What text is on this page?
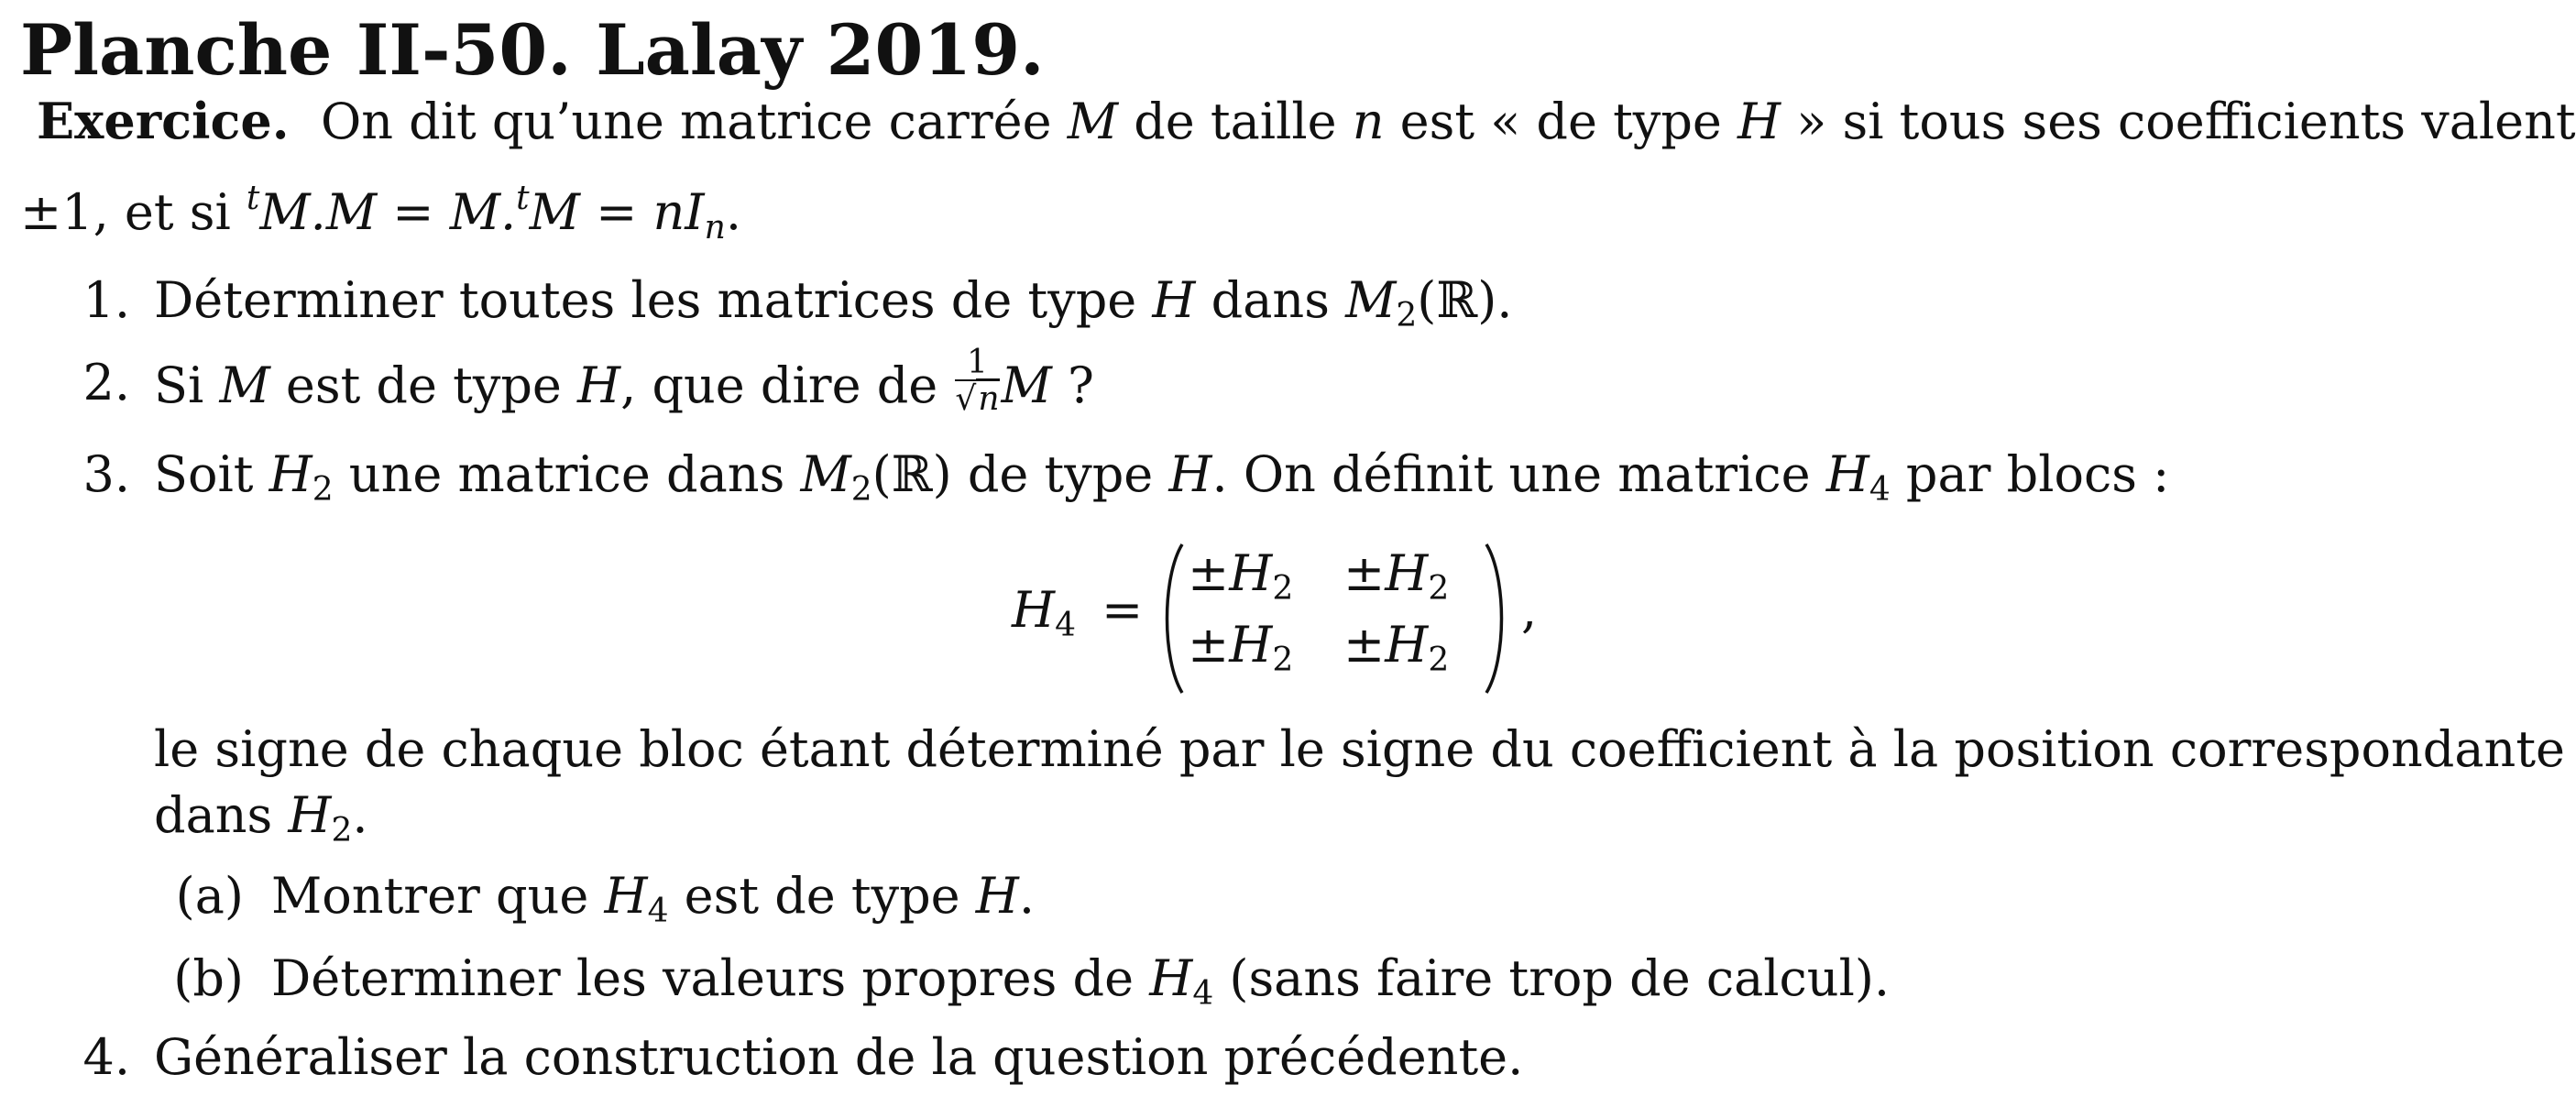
Planche II-50. Lalay 2019.
Exercice. On dit qu’une matrice carrée M de taille n est « de type H » si tous ses coefficients valent
±1, et si $^tM.M = M.^tM = nI_n$.
1. Déterminer toutes les matrices de type H dans $M_2(ℝ)$.
2. Si M est de type H, que dire de $\frac{1}{√n}$ M ?
3. Soit $H_2$ une matrice dans $M_2(ℝ)$ de type H. On définit une matrice $H_4$ par blocs :
$H_4$ =
$\pm H_2 \pm H_2$
$\pm H_2 \pm H_2$
,
le signe de chaque bloc étant déterminé par le signe du coefficient à la position correspondante
dans $H_2$.
(a) Montrer que $H_4$ est de type H.
(b) Déterminer les valeurs propres de $H_4$ (sans faire trop de calcul).
4. Généraliser la construction de la question précédente.
